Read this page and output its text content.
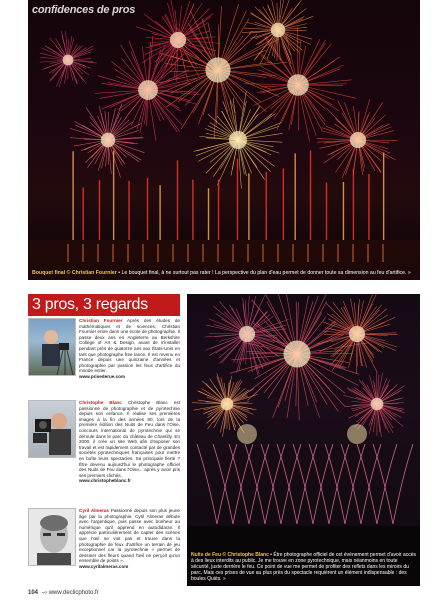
confidences de pros
Bouquet final © Christian Fournier • Le bouquet final, à ne surtout pas rater ! La perspective du plan d'eau permet de donner toute sa dimension au feu d'artifice. »
3 pros, 3 regards
Christian Fournier Après des études de mathématiques et de sciences, Christian Fournier entre dans une école de photographie. Il passe deux ans en Angleterre au Berkshire College of Art & Design, avant de s'installer pendant près de quatorze ans aux États-Unis en tant que photographe free lance. Il est revenu en France depuis une quinzaine d'années et photographie par passion les feux d'artifice du monde entier.
www.prisederue.com
Christophe Blanc Christophe Blanc est passionné de photographie et de pyrotechnie depuis son enfance. Il réalise ses premières images à la fin des années 80, lors de la première édition des Nuits de Feu dans l'Oise, concours international de pyrotechnie qui se déroule dans le parc du château de Chantilly. En 2000, il crée un site Web afin d'exposer son travail et est rapidement contacté par de grandes sociétés pyrotechniques françaises pour mettre en boîte leurs spectacles. Sa principale fierté ? Être devenu aujourd'hui le photographe officiel des Nuits de Feu dans l'Oise... après y avoir pris ses premiers clichés.
www.christopheblanc.fr
Cyril Almeras Passionné depuis son plus jeune âge par la photographie, Cyril Almeras débute avec l'argentique, puis passe avec bonheur au numérique qu'il apprend en autodidacte. Il apprécie particulièrement de capter des scènes que l'œil ne voit pas et trouve dans la photographie de feux d'artifice un terrain de jeu exceptionnel car la pyrotechnie « permet de dessiner des fleurs quand l'œil ne perçoit qu'un ensemble de points ».
www.cyrilalmeras.com
Nuits de Feu © Christophe Blanc • Étre photographe officiel de cet événement permet d'avoir accès à des lieux interdits au public. Je me trouve en zone pyrotechnique, mais néanmoins en toute sécurité, juste derrière le feu. Ce point de vue me permet de profiter des reflets dans les miroirs du parc. Mais ces prises de vue au plus près du spectacle requièrent un élément indispensable : des boules Quiès. »
104 –› www.declicphoto.fr
